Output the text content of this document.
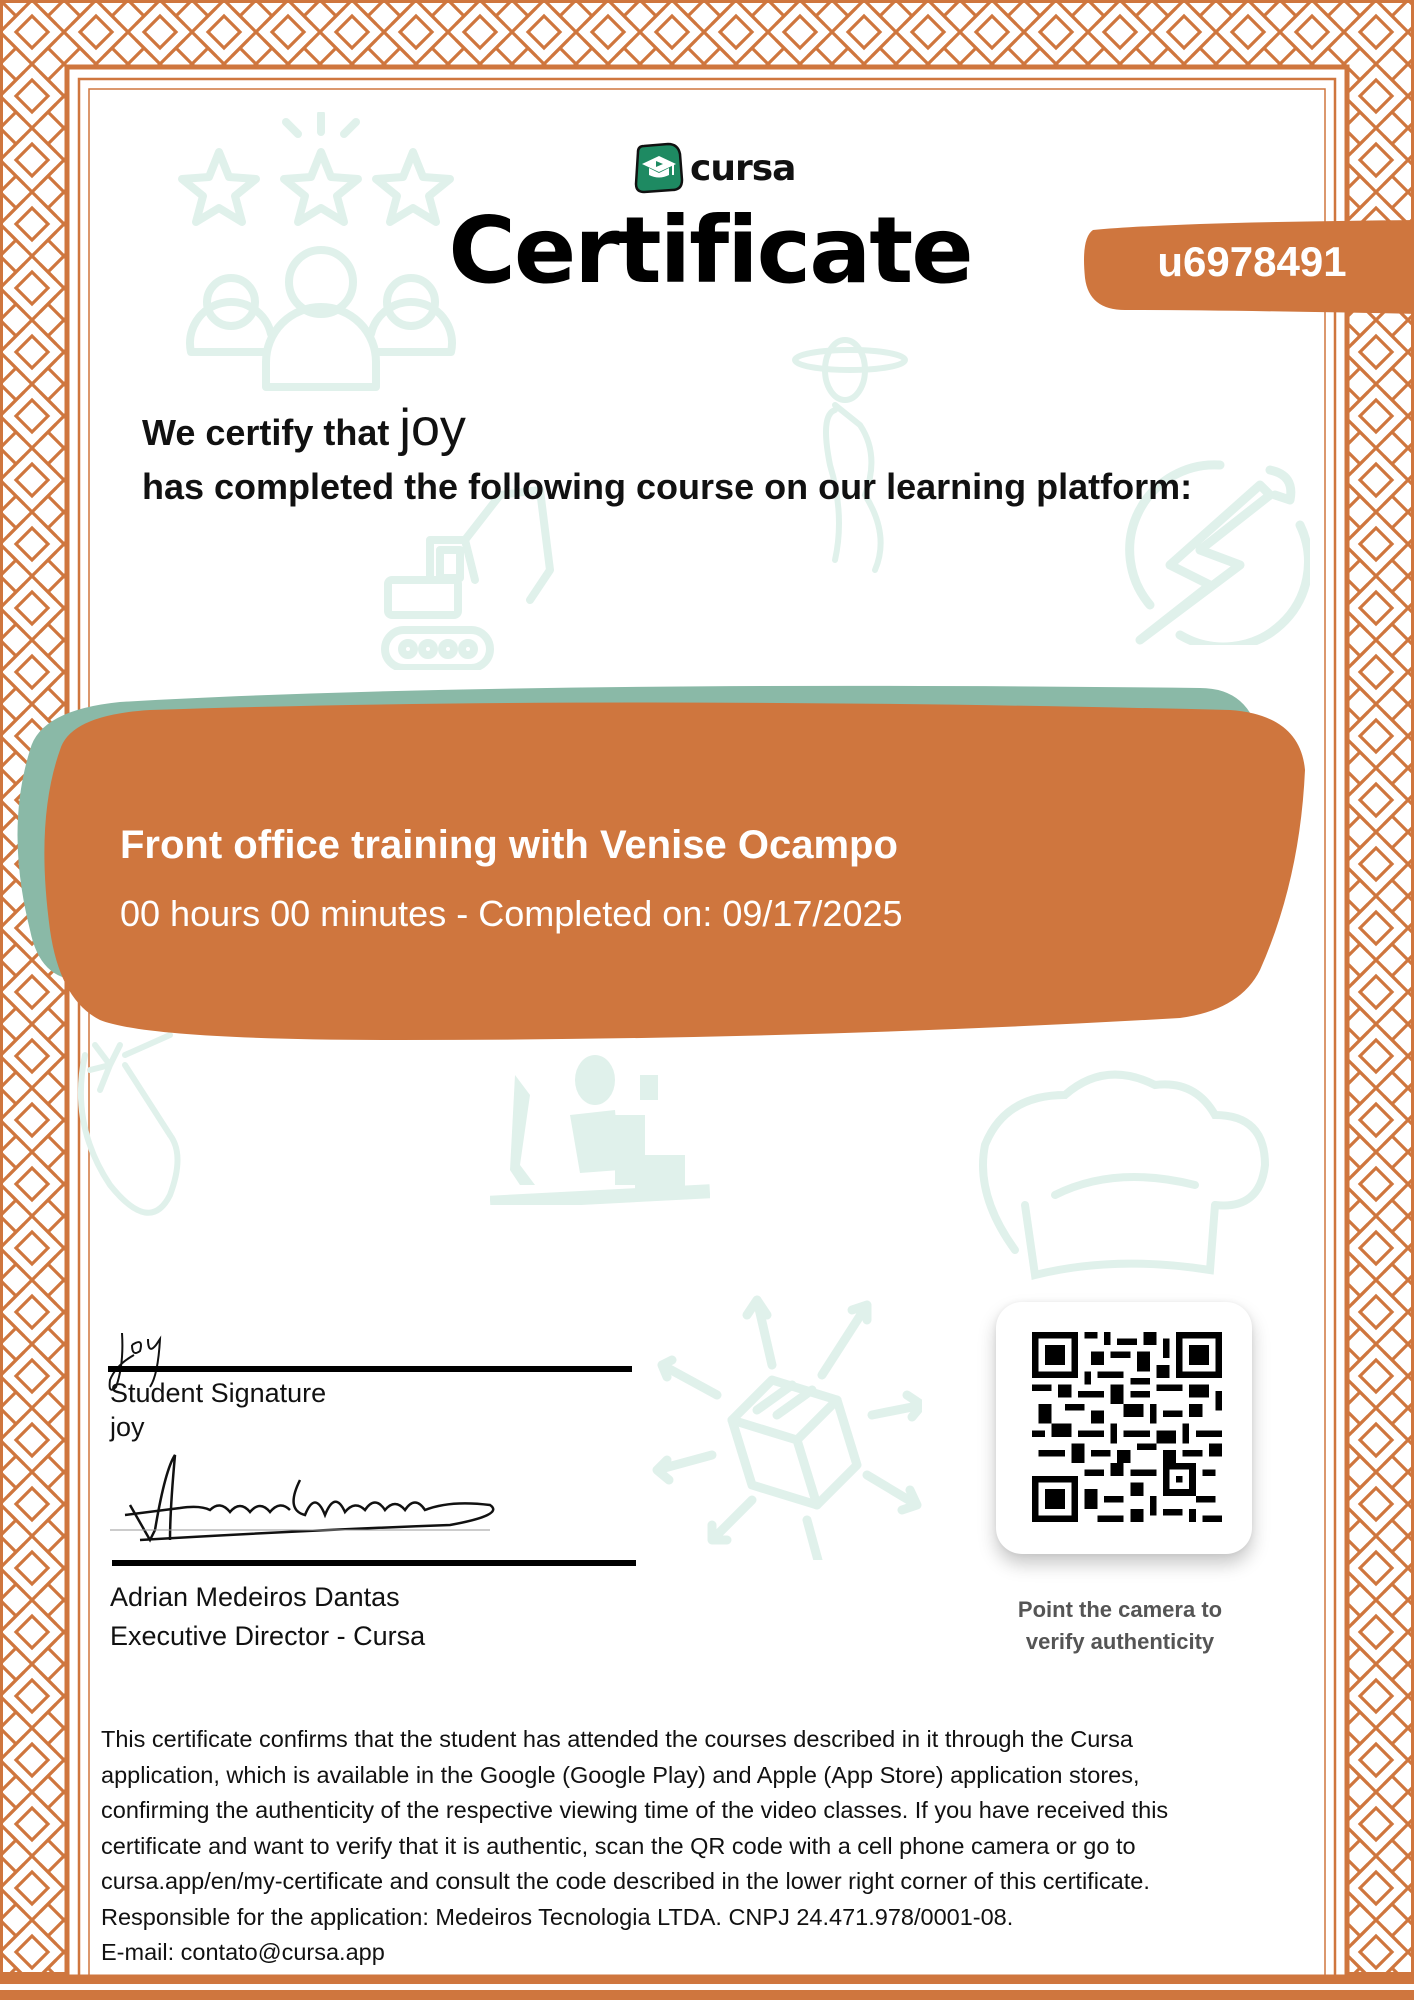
cursa
Certificate	u6978491
We certify that joy
has completed the following course on our learning platform:
Front office training with Venise Ocampo
00 hours 00 minutes - Completed on: 09/17/2025
Student Signature
joy
Adrian Medeiros Dantas
Executive Director - Cursa
Point the camera to
verify authenticity
This certificate confirms that the student has attended the courses described in it through the Cursa
application, which is available in the Google (Google Play) and Apple (App Store) application stores,
confirming the authenticity of the respective viewing time of the video classes. If you have received this
certificate and want to verify that it is authentic, scan the QR code with a cell phone camera or go to
cursa.app/en/my-certificate and consult the code described in the lower right corner of this certificate.
Responsible for the application: Medeiros Tecnologia LTDA. CNPJ 24.471.978/0001-08.
E-mail: contato@cursa.app
